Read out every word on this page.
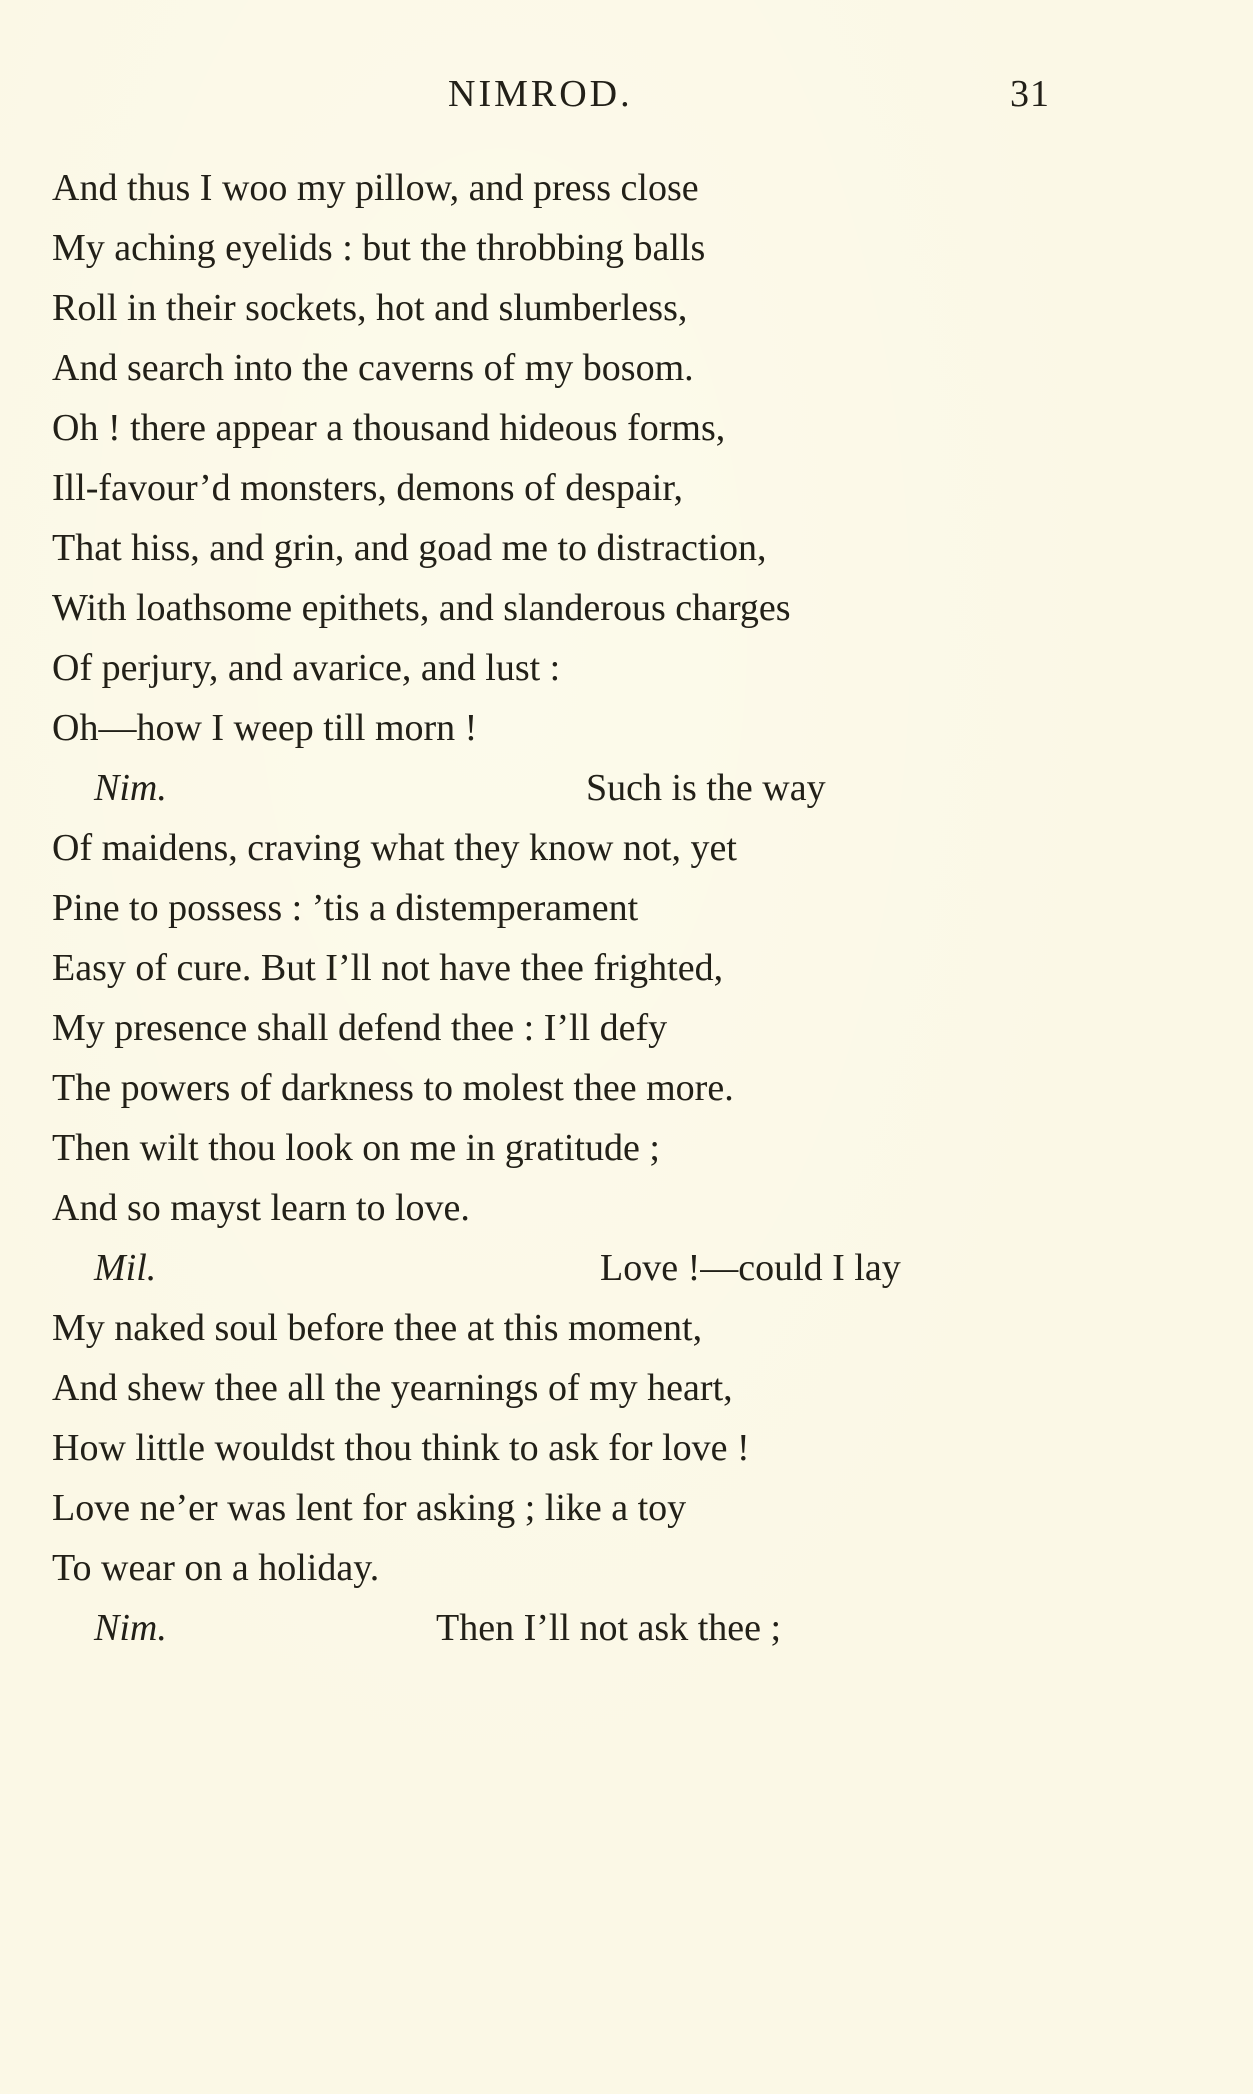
NIMROD.	31
And thus I woo my pillow, and press close
My aching eyelids : but the throbbing balls
Roll in their sockets, hot and slumberless,
And search into the caverns of my bosom.
Oh ! there appear a thousand hideous forms,
Ill-favour’d monsters, demons of despair,
That hiss, and grin, and goad me to distraction,
With loathsome epithets, and slanderous charges
Of perjury, and avarice, and lust :
Oh—how I weep till morn !
Nim.	Such is the way
Of maidens, craving what they know not, yet
Pine to possess : ’tis a distemperament
Easy of cure. But I’ll not have thee frighted,
My presence shall defend thee : I’ll defy
The powers of darkness to molest thee more.
Then wilt thou look on me in gratitude ;
And so mayst learn to love.
Mil.	Love !—could I lay
My naked soul before thee at this moment,
And shew thee all the yearnings of my heart,
How little wouldst thou think to ask for love !
Love ne’er was lent for asking ; like a toy
To wear on a holiday.
Nim.	Then I’ll not ask thee ;
